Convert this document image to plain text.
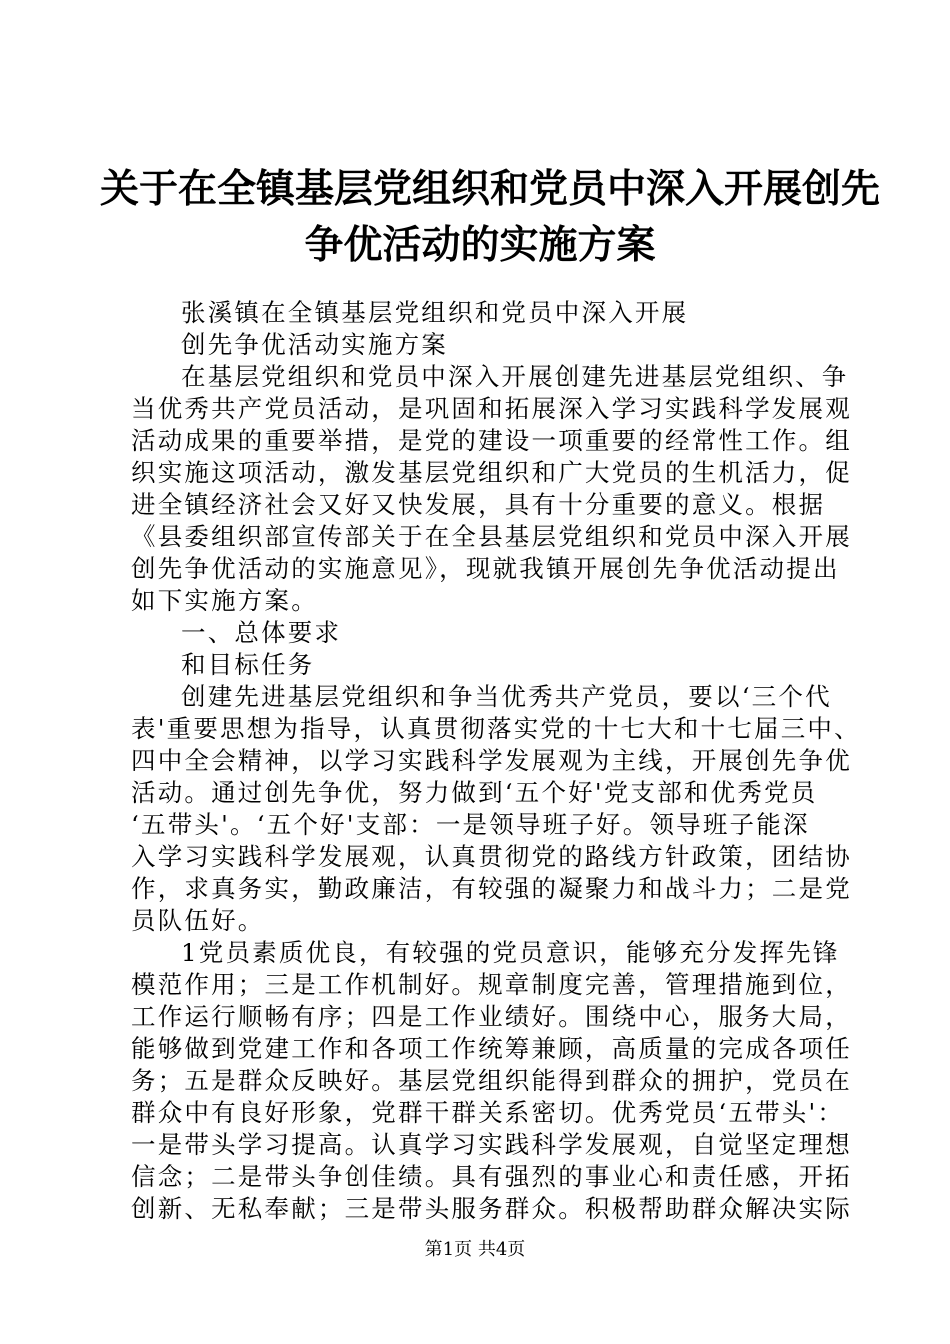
关于在全镇基层党组织和党员中深入开展创先
争优活动的实施方案

张溪镇在全镇基层党组织和党员中深入开展

创先争优活动实施方案

在基层党组织和党员中深入开展创建先进基层党组织、争

当优秀共产党员活动，是巩固和拓展深入学习实践科学发展观

活动成果的重要举措，是党的建设一项重要的经常性工作。组

织实施这项活动，激发基层党组织和广大党员的生机活力，促

进全镇经济社会又好又快发展，具有十分重要的意义。根据

《县委组织部宣传部关于在全县基层党组织和党员中深入开展

创先争优活动的实施意见》，现就我镇开展创先争优活动提出

如下实施方案。

一、总体要求

和目标任务

创建先进基层党组织和争当优秀共产党员，要以‘三个代

表'重要思想为指导，认真贯彻落实党的十七大和十七届三中、

四中全会精神，以学习实践科学发展观为主线，开展创先争优

活动。通过创先争优，努力做到‘五个好'党支部和优秀党员

‘五带头'。‘五个好'支部：一是领导班子好。领导班子能深

入学习实践科学发展观，认真贯彻党的路线方针政策，团结协

作，求真务实，勤政廉洁，有较强的凝聚力和战斗力；二是党

员队伍好。

1党员素质优良，有较强的党员意识，能够充分发挥先锋

模范作用；三是工作机制好。规章制度完善，管理措施到位，

工作运行顺畅有序；四是工作业绩好。围绕中心，服务大局，

能够做到党建工作和各项工作统筹兼顾，高质量的完成各项任

务；五是群众反映好。基层党组织能得到群众的拥护，党员在

群众中有良好形象，党群干群关系密切。优秀党员‘五带头'：

一是带头学习提高。认真学习实践科学发展观，自觉坚定理想

信念；二是带头争创佳绩。具有强烈的事业心和责任感，开拓

创新、无私奉献；三是带头服务群众。积极帮助群众解决实际

第1页 共4页
